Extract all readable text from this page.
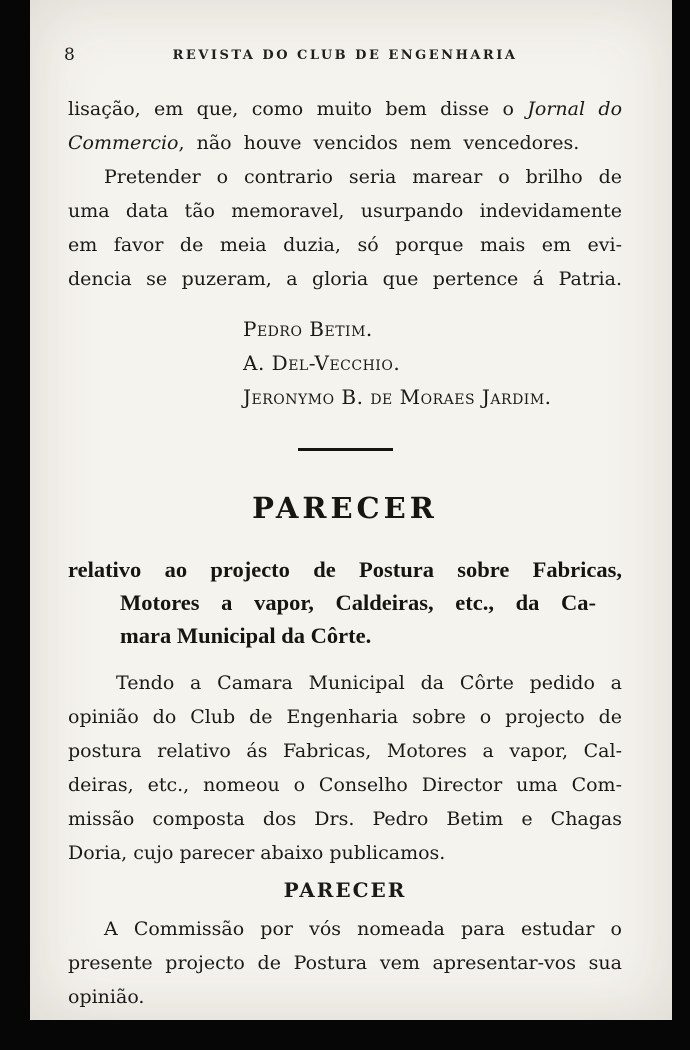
8	REVISTA DO CLUB DE ENGENHARIA
lisação, em que, como muito bem disse o Jornal do
Commercio, não houve vencidos nem vencedores.
Pretender o contrario seria marear o brilho de
uma data tão memoravel, usurpando indevidamente
em favor de meia duzia, só porque mais em evi-
dencia se puzeram, a gloria que pertence á Patria.
Pedro Betim.
A. Del-Vecchio.
Jeronymo B. de Moraes Jardim.
PARECER
relativo ao projecto de Postura sobre Fabricas,
Motores a vapor, Caldeiras, etc., da Ca-
mara Municipal da Côrte.
Tendo a Camara Municipal da Côrte pedido a
opinião do Club de Engenharia sobre o projecto de
postura relativo ás Fabricas, Motores a vapor, Cal-
deiras, etc., nomeou o Conselho Director uma Com-
missão composta dos Drs. Pedro Betim e Chagas
Doria, cujo parecer abaixo publicamos.
PARECER
A Commissão por vós nomeada para estudar o
presente projecto de Postura vem apresentar-vos sua
opinião.
